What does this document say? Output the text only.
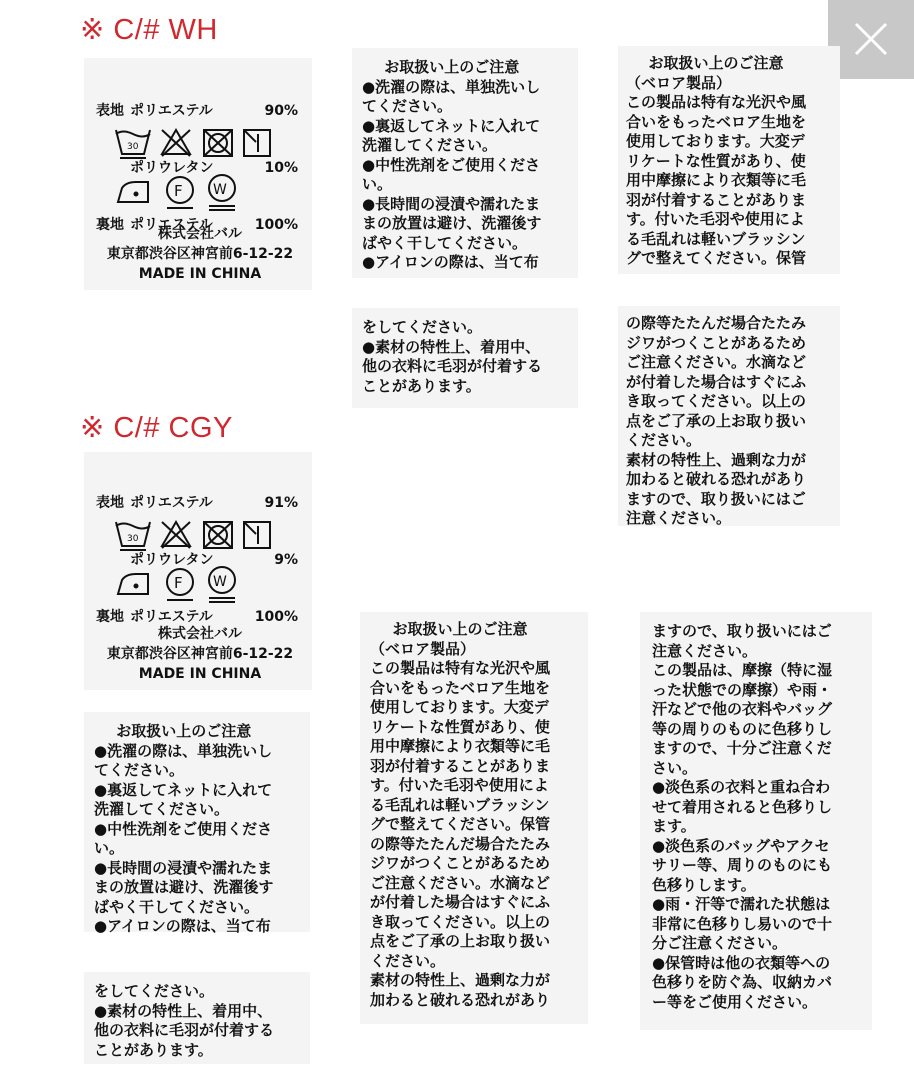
※ C/# WH
※ C/# CGY

表地 ポリエステル	90%

ポリウレタン	10%

裏地 ポリエステル	100%

30
F W
株式会社バル
東京都渋谷区神宮前6-12-22
MADE IN CHINA

表地 ポリエステル	91%

ポリウレタン	9%

裏地 ポリエステル	100%

30
F W
株式会社バル
東京都渋谷区神宮前6-12-22
MADE IN CHINA
お取扱い上のご注意
●洗濯の際は、単独洗いし
てください。
●裏返してネットに入れて
洗濯してください。
●中性洗剤をご使用くださ
い。
●長時間の浸漬や濡れたま
まの放置は避け、洗濯後す
ばやく干してください。
●アイロンの際は、当て布
をしてください。
●素材の特性上、着用中、
他の衣料に毛羽が付着する
ことがあります。
お取扱い上のご注意
（ベロア製品）
この製品は特有な光沢や風
合いをもったベロア生地を
使用しております。大変デ
リケートな性質があり、使
用中摩擦により衣類等に毛
羽が付着することがありま
す。付いた毛羽や使用によ
る毛乱れは軽いブラッシン
グで整えてください。保管
の際等たたんだ場合たたみ
ジワがつくことがあるため
ご注意ください。水滴など
が付着した場合はすぐにふ
き取ってください。以上の
点をご了承の上お取り扱い
ください。
素材の特性上、過剰な力が
加わると破れる恐れがあり
ますので、取り扱いにはご
注意ください。
お取扱い上のご注意
●洗濯の際は、単独洗いし
てください。
●裏返してネットに入れて
洗濯してください。
●中性洗剤をご使用くださ
い。
●長時間の浸漬や濡れたま
まの放置は避け、洗濯後す
ばやく干してください。
●アイロンの際は、当て布
をしてください。
●素材の特性上、着用中、
他の衣料に毛羽が付着する
ことがあります。
お取扱い上のご注意
（ベロア製品）
この製品は特有な光沢や風
合いをもったベロア生地を
使用しております。大変デ
リケートな性質があり、使
用中摩擦により衣類等に毛
羽が付着することがありま
す。付いた毛羽や使用によ
る毛乱れは軽いブラッシン
グで整えてください。保管
の際等たたんだ場合たたみ
ジワがつくことがあるため
ご注意ください。水滴など
が付着した場合はすぐにふ
き取ってください。以上の
点をご了承の上お取り扱い
ください。
素材の特性上、過剰な力が
加わると破れる恐れがあり
ますので、取り扱いにはご
注意ください。
この製品は、摩擦（特に湿
った状態での摩擦）や雨・
汗などで他の衣料やバッグ
等の周りのものに色移りし
ますので、十分ご注意くだ
さい。
●淡色系の衣料と重ね合わ
せて着用されると色移りし
ます。
●淡色系のバッグやアクセ
サリー等、周りのものにも
色移りします。
●雨・汗等で濡れた状態は
非常に色移りし易いので十
分ご注意ください。
●保管時は他の衣類等への
色移りを防ぐ為、収納カバ
ー等をご使用ください。
